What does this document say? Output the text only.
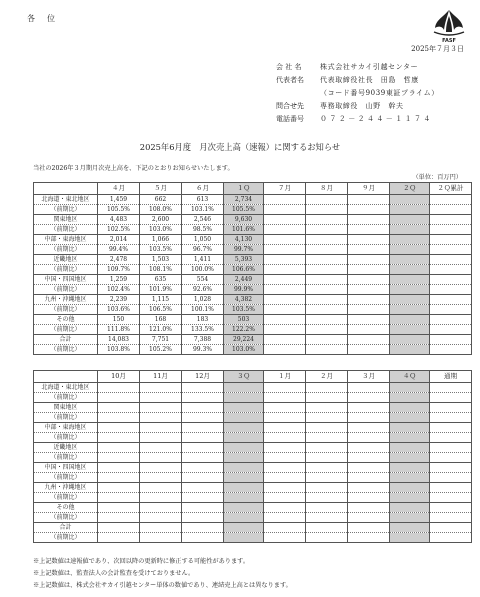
各　位
FASF
2025年７月３日
会 社 名	株式会社サカイ引越センター
代表者名 代表取締役社長　田島　哲康
（コード番号9039東証プライム）
問合せ先 専務取締役　山野　幹夫
電話番号 ０７２－２４４－１１７４
2025年6月度　月次売上高（速報）に関するお知らせ
当社の2026年３月期月次売上高を、下記のとおりお知らせいたします。
（単位：百万円）
	４月	５月	６月	１Ｑ	７月	８月	９月	２Ｑ	２Ｑ累計
北海道・東北地区	1,459	662	613	2,734					
（前期比）	105.5%	108.0%	103.1%	105.5%					
関東地区	4,483	2,600	2,546	9,630					
（前期比）	102.5%	103.0%	98.5%	101.6%					
中部・東海地区	2,014	1,066	1,050	4,130					
（前期比）	99.4%	103.5%	96.7%	99.7%					
近畿地区	2,478	1,503	1,411	5,393					
（前期比）	109.7%	108.1%	100.0%	106.6%					
中国・四国地区	1,259	635	554	2,449					
（前期比）	102.4%	101.9%	92.6%	99.9%					
九州・沖縄地区	2,239	1,115	1,028	4,382					
（前期比）	103.6%	106.5%	100.1%	103.5%					
その他	150	168	183	503					
（前期比）	111.8%	121.0%	133.5%	122.2%					
合計	14,083	7,751	7,388	29,224					
（前期比）	103.8%	105.2%	99.3%	103.0%					
	10月	11月	12月	３Ｑ	１月	２月	３月	４Ｑ	通期
北海道・東北地区									
（前期比）									
関東地区									
（前期比）									
中部・東海地区									
（前期比）									
近畿地区									
（前期比）									
中国・四国地区									
（前期比）									
九州・沖縄地区									
（前期比）									
その他									
（前期比）									
合計									
（前期比）									
※上記数値は速報値であり、次回以降の更新時に修正する可能性があります。
※上記数値は、監査法人の会計監査を受けておりません。
※上記数値は、株式会社サカイ引越センター単体の数値であり、連結売上高とは異なります。
